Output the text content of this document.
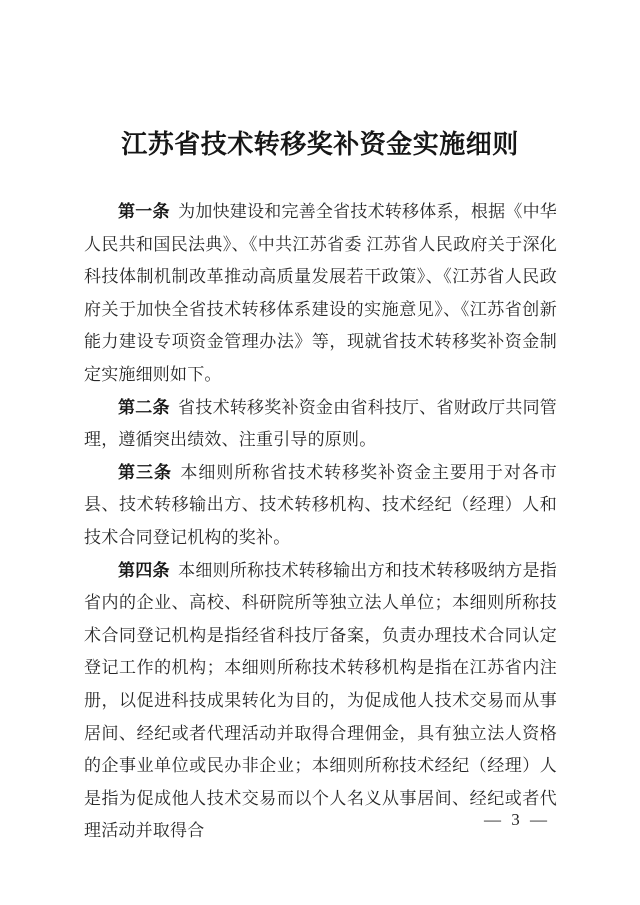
江苏省技术转移奖补资金实施细则

第一条 为加快建设和完善全省技术转移体系，根据《中华人民共和国民法典》、《中共江苏省委 江苏省人民政府关于深化科技体制机制改革推动高质量发展若干政策》、《江苏省人民政府关于加快全省技术转移体系建设的实施意见》、《江苏省创新能力建设专项资金管理办法》等，现就省技术转移奖补资金制定实施细则如下。

第二条 省技术转移奖补资金由省科技厅、省财政厅共同管理，遵循突出绩效、注重引导的原则。

第三条 本细则所称省技术转移奖补资金主要用于对各市县、技术转移输出方、技术转移机构、技术经纪（经理）人和技术合同登记机构的奖补。

第四条 本细则所称技术转移输出方和技术转移吸纳方是指省内的企业、高校、科研院所等独立法人单位；本细则所称技术合同登记机构是指经省科技厅备案，负责办理技术合同认定登记工作的机构；本细则所称技术转移机构是指在江苏省内注册，以促进科技成果转化为目的，为促成他人技术交易而从事居间、经纪或者代理活动并取得合理佣金，具有独立法人资格的企事业单位或民办非企业；本细则所称技术经纪（经理）人是指为促成他人技术交易而以个人名义从事居间、经纪或者代理活动并取得合

— 3 —
